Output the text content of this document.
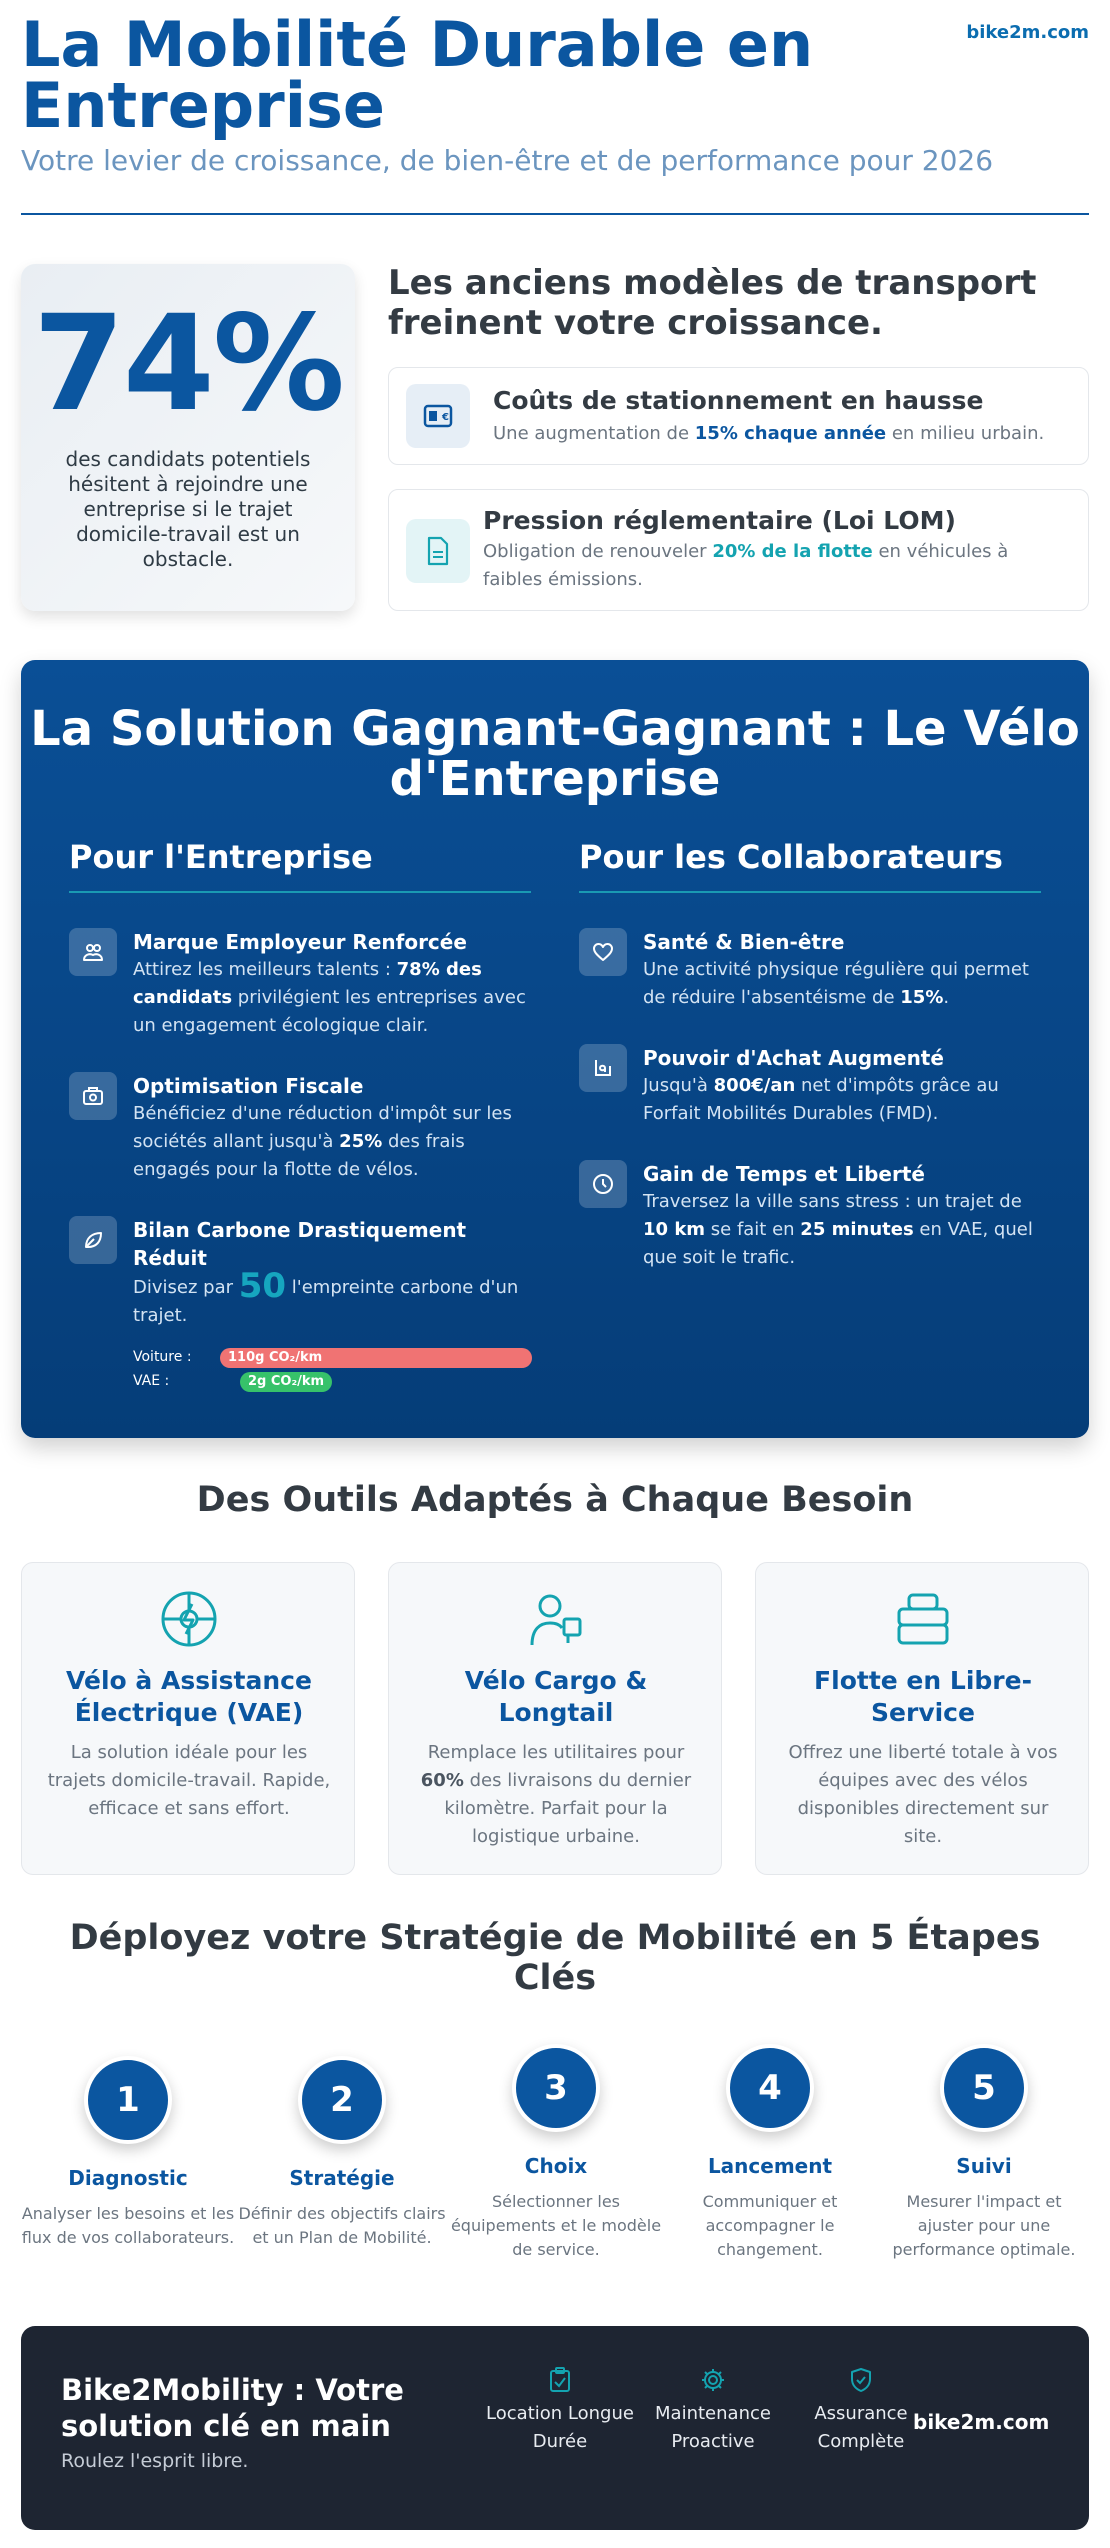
La Mobilité Durable en Entreprise
bike2m.com
Votre levier de croissance, de bien-être et de performance pour 2026
74%
des candidats potentiels hésitent à rejoindre une entreprise si le trajet domicile-travail est un obstacle.
Les anciens modèles de transport freinent votre croissance.
€
Coûts de stationnement en hausse
Une augmentation de 15% chaque année en milieu urbain.
Pression réglementaire (Loi LOM)
Obligation de renouveler 20% de la flotte en véhicules à faibles émissions.
La Solution Gagnant-Gagnant : Le Vélo d'Entreprise
Pour l'Entreprise	Pour les Collaborateurs
Marque Employeur Renforcée
Attirez les meilleurs talents : 78% des candidats privilégient les entreprises avec un engagement écologique clair.
Optimisation Fiscale
Bénéficiez d'une réduction d'impôt sur les sociétés allant jusqu'à 25% des frais engagés pour la flotte de vélos.
Bilan Carbone Drastiquement Réduit
Divisez par 50 l'empreinte carbone d'un trajet.
Voiture :	110g CO₂/km
VAE :	2g CO₂/km
Santé & Bien-être
Une activité physique régulière qui permet de réduire l'absentéisme de 15%.
Pouvoir d'Achat Augmenté
Jusqu'à 800€/an net d'impôts grâce au Forfait Mobilités Durables (FMD).
Gain de Temps et Liberté
Traversez la ville sans stress : un trajet de 10 km se fait en 25 minutes en VAE, quel que soit le trafic.
Des Outils Adaptés à Chaque Besoin
Vélo à Assistance Électrique (VAE)
La solution idéale pour les trajets domicile-travail. Rapide, efficace et sans effort.
Vélo Cargo & Longtail
Remplace les utilitaires pour 60% des livraisons du dernier kilomètre. Parfait pour la logistique urbaine.
Flotte en Libre-Service
Offrez une liberté totale à vos équipes avec des vélos disponibles directement sur site.
Déployez votre Stratégie de Mobilité en 5 Étapes Clés
1
Diagnostic
Analyser les besoins et les flux de vos collaborateurs.
2
Stratégie
Définir des objectifs clairs et un Plan de Mobilité.
3
Choix
Sélectionner les équipements et le modèle de service.
4
Lancement
Communiquer et accompagner le changement.
5
Suivi
Mesurer l'impact et ajuster pour une performance optimale.
Bike2Mobility : Votre solution clé en main
Roulez l'esprit libre.
Location Longue Durée
Maintenance Proactive
Assurance Complète
bike2m.com
